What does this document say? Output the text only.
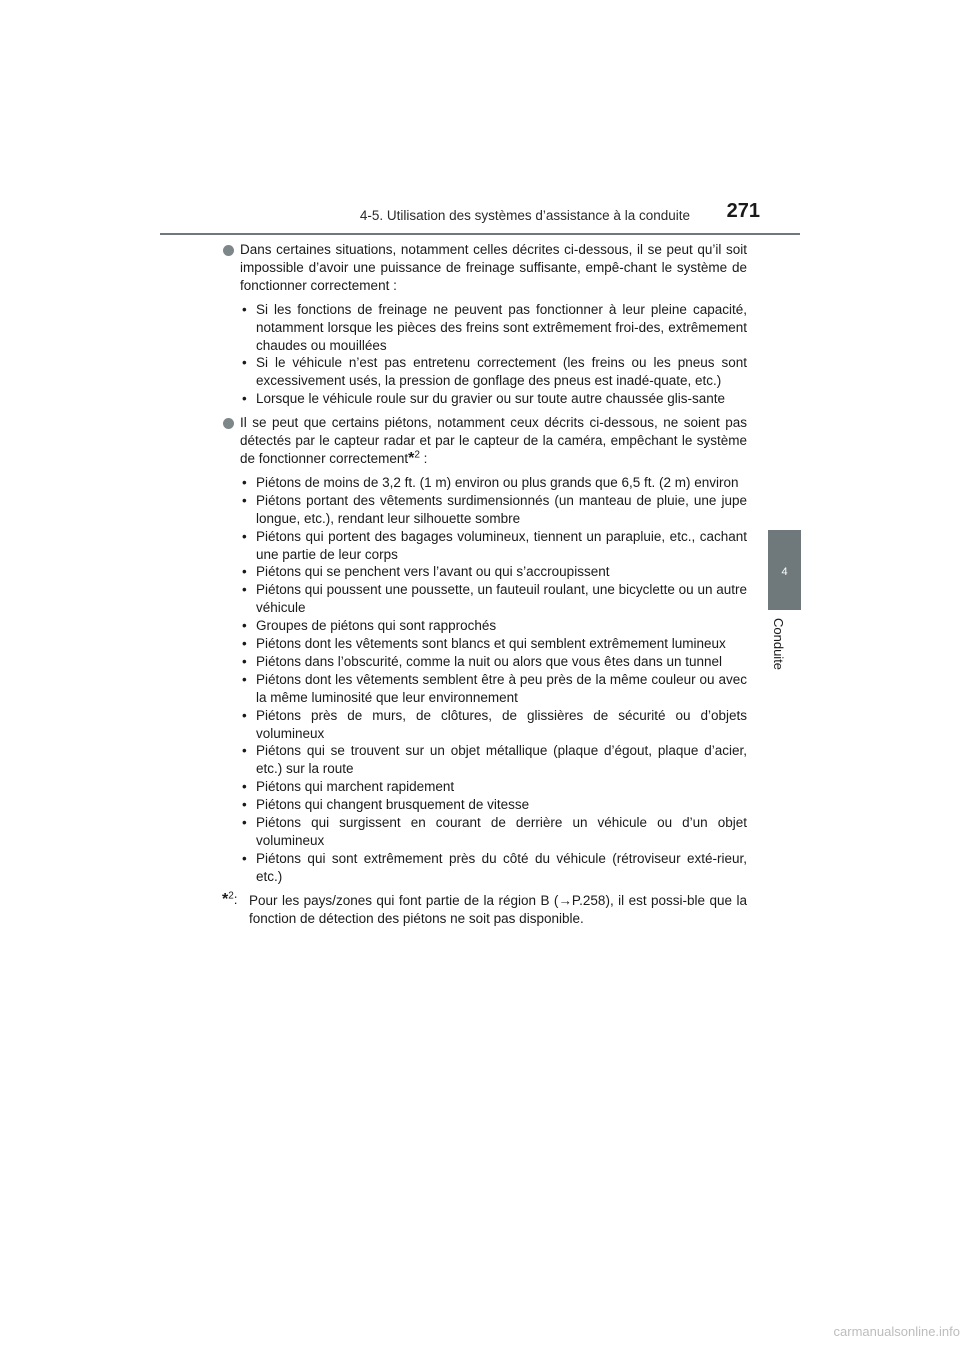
4-5. Utilisation des systèmes d’assistance à la conduite	271
4
Conduite

Dans certaines situations, notamment celles décrites ci-dessous, il se peut qu’il soit impossible d’avoir une puissance de freinage suffisante, empê-chant le système de fonctionner correctement :

• Si les fonctions de freinage ne peuvent pas fonctionner à leur pleine capacité, notamment lorsque les pièces des freins sont extrêmement froi-des, extrêmement chaudes ou mouillées
• Si le véhicule n’est pas entretenu correctement (les freins ou les pneus sont excessivement usés, la pression de gonflage des pneus est inadé-quate, etc.)
• Lorsque le véhicule roule sur du gravier ou sur toute autre chaussée glis-sante

Il se peut que certains piétons, notamment ceux décrits ci-dessous, ne soient pas détectés par le capteur radar et par le capteur de la caméra, empêchant le système de fonctionner correctement*$^2$ :

• Piétons de moins de 3,2 ft. (1 m) environ ou plus grands que 6,5 ft. (2 m) environ
• Piétons portant des vêtements surdimensionnés (un manteau de pluie, une jupe longue, etc.), rendant leur silhouette sombre
• Piétons qui portent des bagages volumineux, tiennent un parapluie, etc., cachant une partie de leur corps
• Piétons qui se penchent vers l’avant ou qui s’accroupissent
• Piétons qui poussent une poussette, un fauteuil roulant, une bicyclette ou un autre véhicule
• Groupes de piétons qui sont rapprochés
• Piétons dont les vêtements sont blancs et qui semblent extrêmement lumineux
• Piétons dans l’obscurité, comme la nuit ou alors que vous êtes dans un tunnel
• Piétons dont les vêtements semblent être à peu près de la même couleur ou avec la même luminosité que leur environnement
• Piétons près de murs, de clôtures, de glissières de sécurité ou d’objets volumineux
• Piétons qui se trouvent sur un objet métallique (plaque d’égout, plaque d’acier, etc.) sur la route
• Piétons qui marchent rapidement
• Piétons qui changent brusquement de vitesse
• Piétons qui surgissent en courant de derrière un véhicule ou d’un objet volumineux
• Piétons qui sont extrêmement près du côté du véhicule (rétroviseur exté-rieur, etc.)
*$^2$: Pour les pays/zones qui font partie de la région B (→P.258), il est possi-ble que la fonction de détection des piétons ne soit pas disponible.
carmanualsonline.info
